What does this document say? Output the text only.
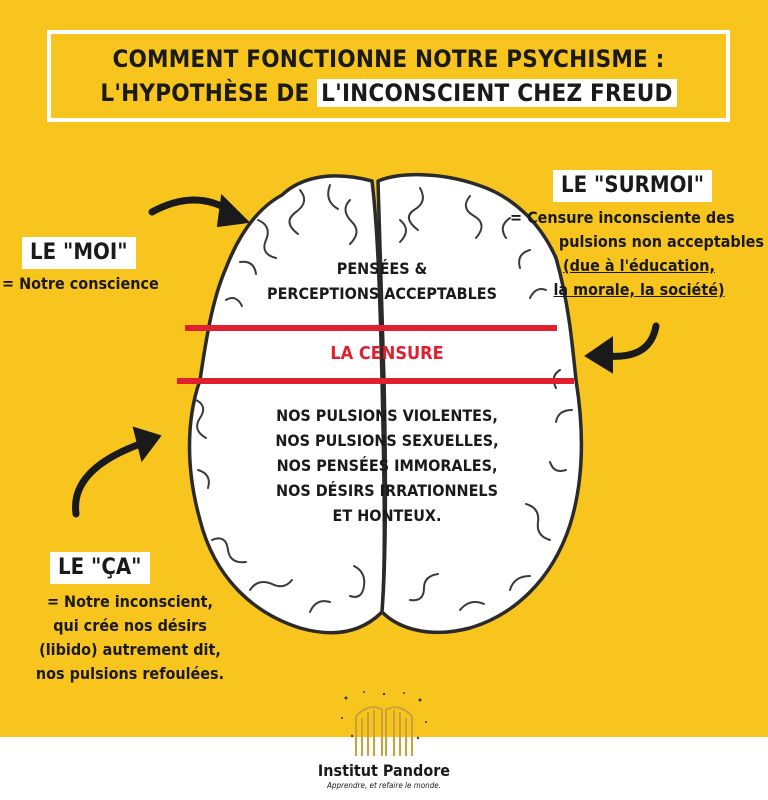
COMMENT FONCTIONNE NOTRE PSYCHISME :
L'HYPOTHÈSE DE L'INCONSCIENT CHEZ FREUD
PENSÉES &
PERCEPTIONS ACCEPTABLES
LA CENSURE
NOS PULSIONS VIOLENTES,
NOS PULSIONS SEXUELLES,
NOS PENSÉES IMMORALES,
NOS DÉSIRS IRRATIONNELS
ET HONTEUX.
LE "MOI"
= Notre conscience
LE "SURMOI"
= Censure inconsciente des
pulsions non acceptables
(due à l'éducation,
la morale, la société)
LE "ÇA"
= Notre inconscient,
qui crée nos désirs
(libido) autrement dit,
nos pulsions refoulées.
Institut Pandore
Apprendre, et refaire le monde.
